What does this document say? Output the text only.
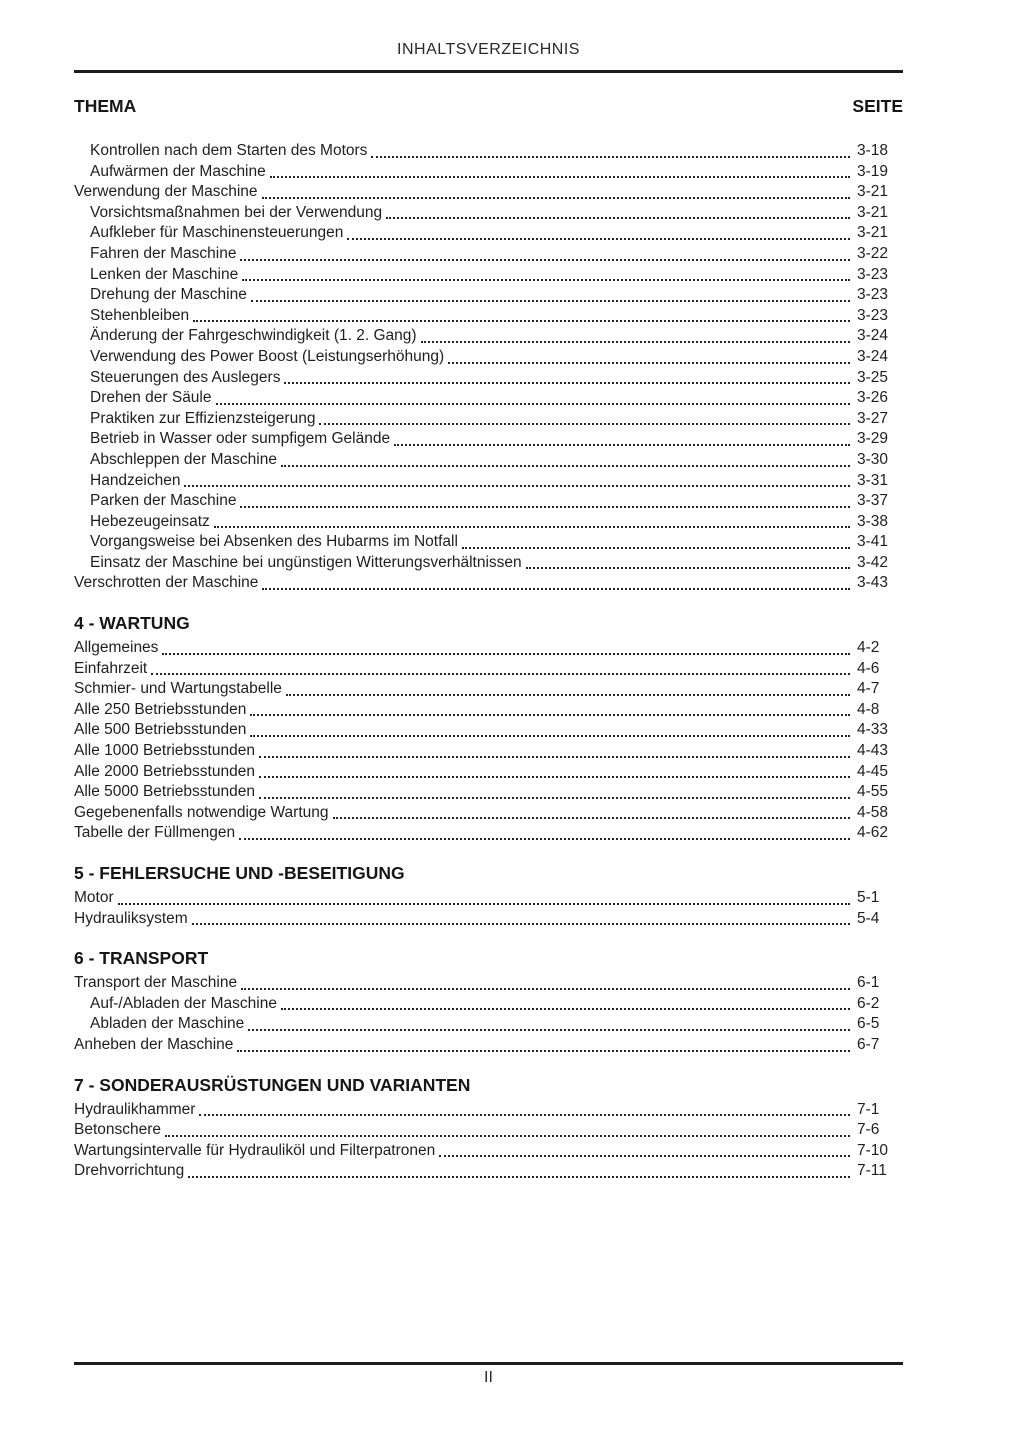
INHALTSVERZEICHNIS
THEMA	SEITE
Kontrollen nach dem Starten des Motors	3-18
Aufwärmen der Maschine	3-19
Verwendung der Maschine	3-21
Vorsichtsmaßnahmen bei der Verwendung	3-21
Aufkleber für Maschinensteuerungen	3-21
Fahren der Maschine	3-22
Lenken der Maschine	3-23
Drehung der Maschine	3-23
Stehenbleiben	3-23
Änderung der Fahrgeschwindigkeit (1. 2. Gang)	3-24
Verwendung des Power Boost (Leistungserhöhung)	3-24
Steuerungen des Auslegers	3-25
Drehen der Säule	3-26
Praktiken zur Effizienzsteigerung	3-27
Betrieb in Wasser oder sumpfigem Gelände	3-29
Abschleppen der Maschine	3-30
Handzeichen	3-31
Parken der Maschine	3-37
Hebezeugeinsatz	3-38
Vorgangsweise bei Absenken des Hubarms im Notfall	3-41
Einsatz der Maschine bei ungünstigen Witterungsverhältnissen	3-42
Verschrotten der Maschine	3-43
4 - WARTUNG
Allgemeines	4-2
Einfahrzeit	4-6
Schmier- und Wartungstabelle	4-7
Alle 250 Betriebsstunden	4-8
Alle 500 Betriebsstunden	4-33
Alle 1000 Betriebsstunden	4-43
Alle 2000 Betriebsstunden	4-45
Alle 5000 Betriebsstunden	4-55
Gegebenenfalls notwendige Wartung	4-58
Tabelle der Füllmengen	4-62
5 - FEHLERSUCHE UND -BESEITIGUNG
Motor	5-1
Hydrauliksystem	5-4
6 - TRANSPORT
Transport der Maschine	6-1
Auf-/Abladen der Maschine	6-2
Abladen der Maschine	6-5
Anheben der Maschine	6-7
7 - SONDERAUSRÜSTUNGEN UND VARIANTEN
Hydraulikhammer	7-1
Betonschere	7-6
Wartungsintervalle für Hydrauliköl und Filterpatronen	7-10
Drehvorrichtung	7-11
II
